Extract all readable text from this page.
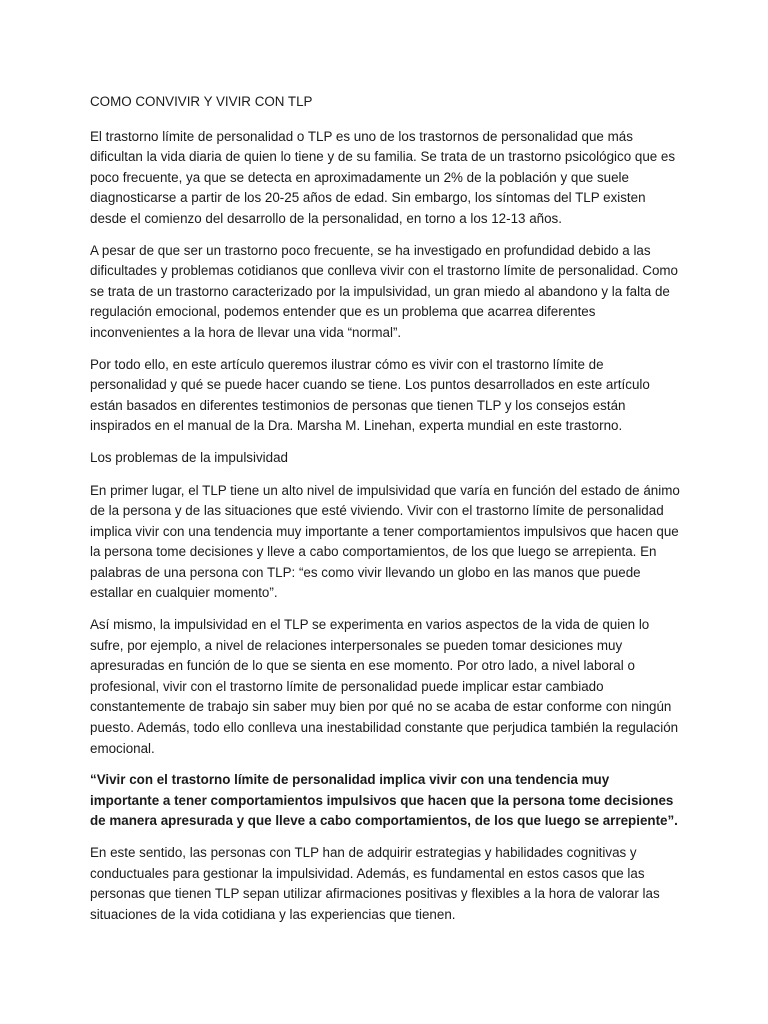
COMO CONVIVIR Y VIVIR CON TLP

El trastorno límite de personalidad o TLP es uno de los trastornos de personalidad que más dificultan la vida diaria de quien lo tiene y de su familia. Se trata de un trastorno psicológico que es poco frecuente, ya que se detecta en aproximadamente un 2% de la población y que suele diagnosticarse a partir de los 20-25 años de edad. Sin embargo, los síntomas del TLP existen desde el comienzo del desarrollo de la personalidad, en torno a los 12-13 años.

A pesar de que ser un trastorno poco frecuente, se ha investigado en profundidad debido a las dificultades y problemas cotidianos que conlleva vivir con el trastorno límite de personalidad. Como se trata de un trastorno caracterizado por la impulsividad, un gran miedo al abandono y la falta de regulación emocional, podemos entender que es un problema que acarrea diferentes inconvenientes a la hora de llevar una vida “normal”.

Por todo ello, en este artículo queremos ilustrar cómo es vivir con el trastorno límite de personalidad y qué se puede hacer cuando se tiene. Los puntos desarrollados en este artículo están basados en diferentes testimonios de personas que tienen TLP y los consejos están inspirados en el manual de la Dra. Marsha M. Linehan, experta mundial en este trastorno.

Los problemas de la impulsividad

En primer lugar, el TLP tiene un alto nivel de impulsividad que varía en función del estado de ánimo de la persona y de las situaciones que esté viviendo. Vivir con el trastorno límite de personalidad implica vivir con una tendencia muy importante a tener comportamientos impulsivos que hacen que la persona tome decisiones y lleve a cabo comportamientos, de los que luego se arrepienta. En palabras de una persona con TLP: “es como vivir llevando un globo en las manos que puede estallar en cualquier momento”.

Así mismo, la impulsividad en el TLP se experimenta en varios aspectos de la vida de quien lo sufre, por ejemplo, a nivel de relaciones interpersonales se pueden tomar desiciones muy apresuradas en función de lo que se sienta en ese momento. Por otro lado, a nivel laboral o profesional, vivir con el trastorno límite de personalidad puede implicar estar cambiado constantemente de trabajo sin saber muy bien por qué no se acaba de estar conforme con ningún puesto. Además, todo ello conlleva una inestabilidad constante que perjudica también la regulación emocional.

“Vivir con el trastorno límite de personalidad implica vivir con una tendencia muy importante a tener comportamientos impulsivos que hacen que la persona tome decisiones de manera apresurada y que lleve a cabo comportamientos, de los que luego se arrepiente”.

En este sentido, las personas con TLP han de adquirir estrategias y habilidades cognitivas y conductuales para gestionar la impulsividad. Además, es fundamental en estos casos que las personas que tienen TLP sepan utilizar afirmaciones positivas y flexibles a la hora de valorar las situaciones de la vida cotidiana y las experiencias que tienen.
